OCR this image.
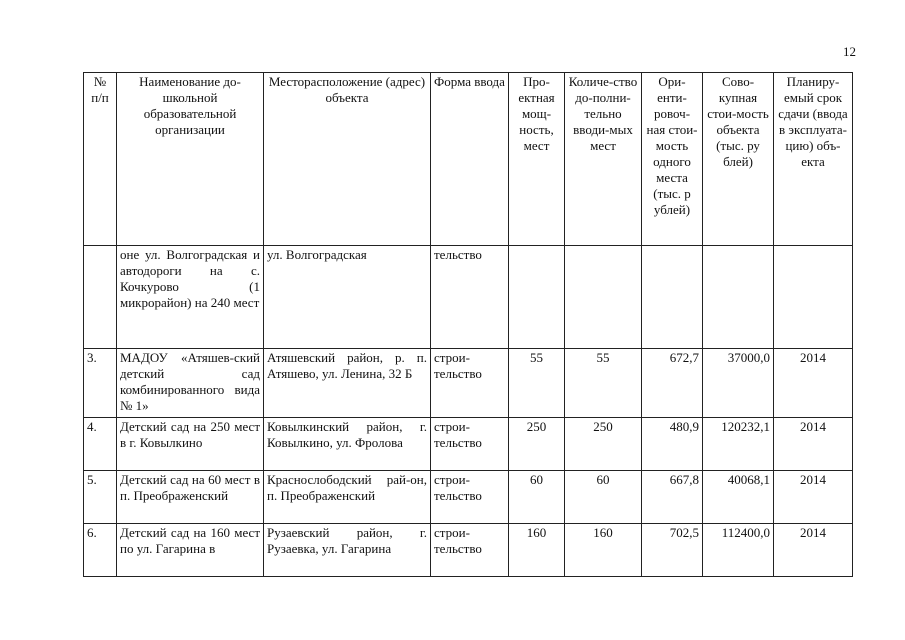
12
№ п/п	Наименование до-школьной образовательной организации	Месторасположение (адрес) объекта	Форма ввода	Про-ектная мощ-ность, мест	Количе-ство до-полни-тельно вводи-мых мест	Ори-енти-ровоч-ная стои-мость одного места (тыс. р ублей)	Сово-купная стои-мость объекта (тыс. ру блей)	Планиру-емый срок сдачи (ввода в эксплуата-цию) объ-екта
	оне ул. Волгоградская и автодороги на с. Кочкурово (1 микрорайон) на 240 мест	ул. Волгоградская	тельство					
3.	МАДОУ «Атяшев-ский детский сад комбинированного вида № 1»	Атяшевский район, р. п. Атяшево, ул. Ленина, 32 Б	строи-тельство	55	55	672,7	37000,0	2014
4.	Детский сад на 250 мест в г. Ковылкино	Ковылкинский район, г. Ковылкино, ул. Фролова	строи-тельство	250	250	480,9	120232,1	2014
5.	Детский сад на 60 мест в п. Преображенский	Краснослободский рай-он, п. Преображенский	строи-тельство	60	60	667,8	40068,1	2014
6.	Детский сад на 160 мест по ул. Гагарина в	Рузаевский район, г. Рузаевка, ул. Гагарина	строи-тельство	160	160	702,5	112400,0	2014
